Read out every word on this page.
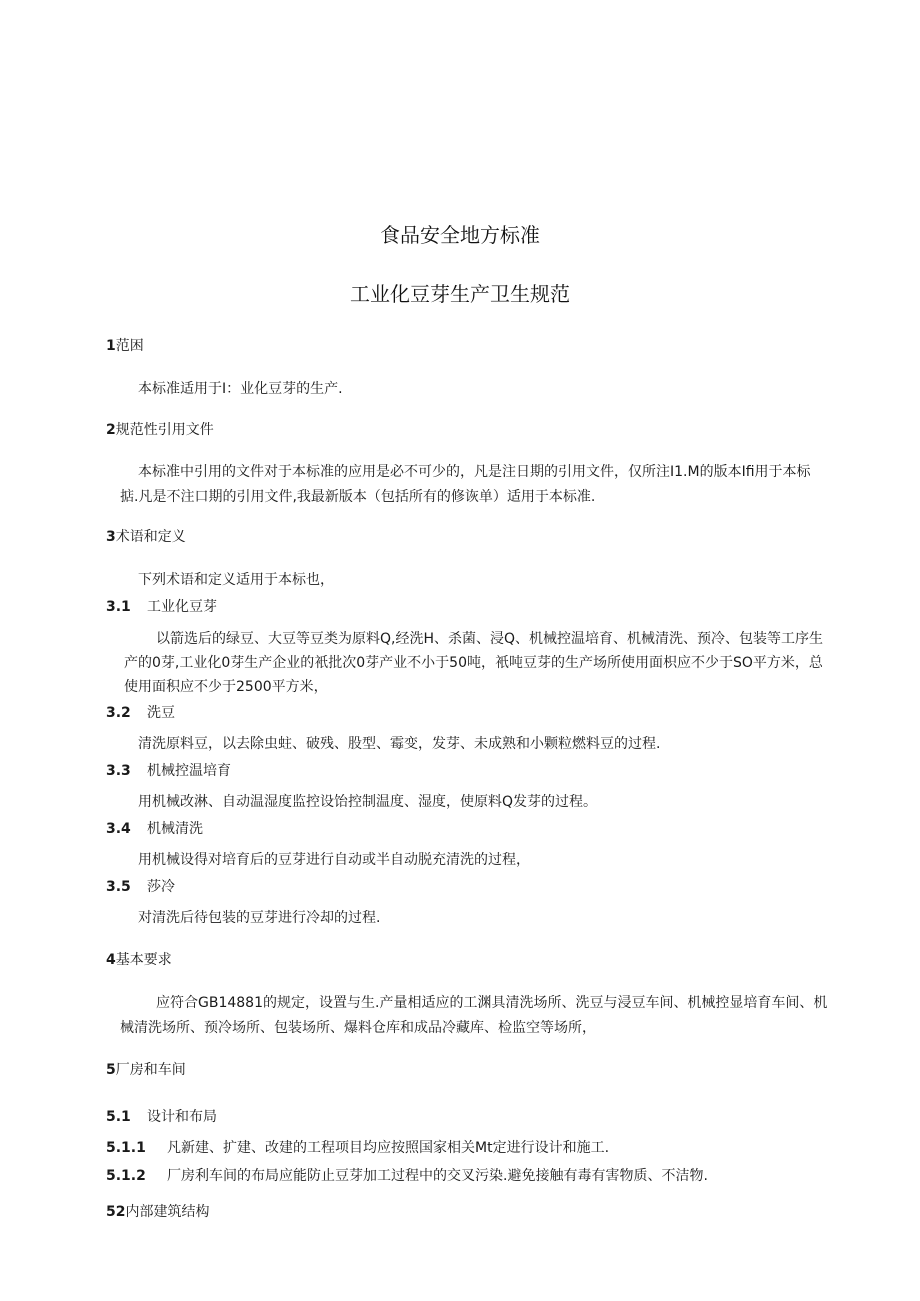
食品安全地方标准
工业化豆芽生产卫生规范
1范困
本标准适用于I：业化豆芽的生产.
2规范性引用文件
本标准中引用的文件对于本标准的应用是必不可少的，凡是注日期的引用文件，仅所注I1.M的版本Ifi用于本标
掂.凡是不注口期的引用文件,我最新版本（包括所有的修诙单）适用于本标准.
3术语和定义
下列术语和定义适用于本标也，
3.1 工业化豆芽
以箭选后的绿豆、大豆等豆类为原料Q,经洗H、杀菌、浸Q、机械控温培育、机械清洗、预冷、包装等工序生
产的0芽,工业化0芽生产企业的衹批次0芽产业不小于50吨，衹吨豆芽的生产场所使用面枳应不少于SO平方米，总
使用面积应不少于2500平方米，
3.2 洗豆
清洗原料豆，以去除虫蛀、破残、股型、霉变，发芽、未成熟和小颗粒燃料豆的过程.
3.3 机械控温培育
用机械改淋、自动温湿度监控设饴控制温度、湿度，使原料Q发芽的过程。
3.4 机械清洗
用机械设得对培育后的豆芽进行自动或半自动脱充清洗的过程，
3.5 莎冷
对清洗后待包装的豆芽进行冷却的过程.
4基本要求
应符合GB14881的规定，设置与生.产量相适应的工渊具清洗场所、洗豆与浸豆车间、机械控显培育车间、机
械清洗场所、预冷场所、包装场所、爆料仓库和成品冷藏库、检监空等场所，
5厂房和车间
5.1 设计和布局
5.1.1 凡新建、扩建、改建的工程项目均应按照国家相关Mt定进行设计和施工.
5.1.2 厂房利车间的布局应能防止豆芽加工过程中的交叉污染.避免接触有毒有害物质、不洁物.
52内部建筑结构
